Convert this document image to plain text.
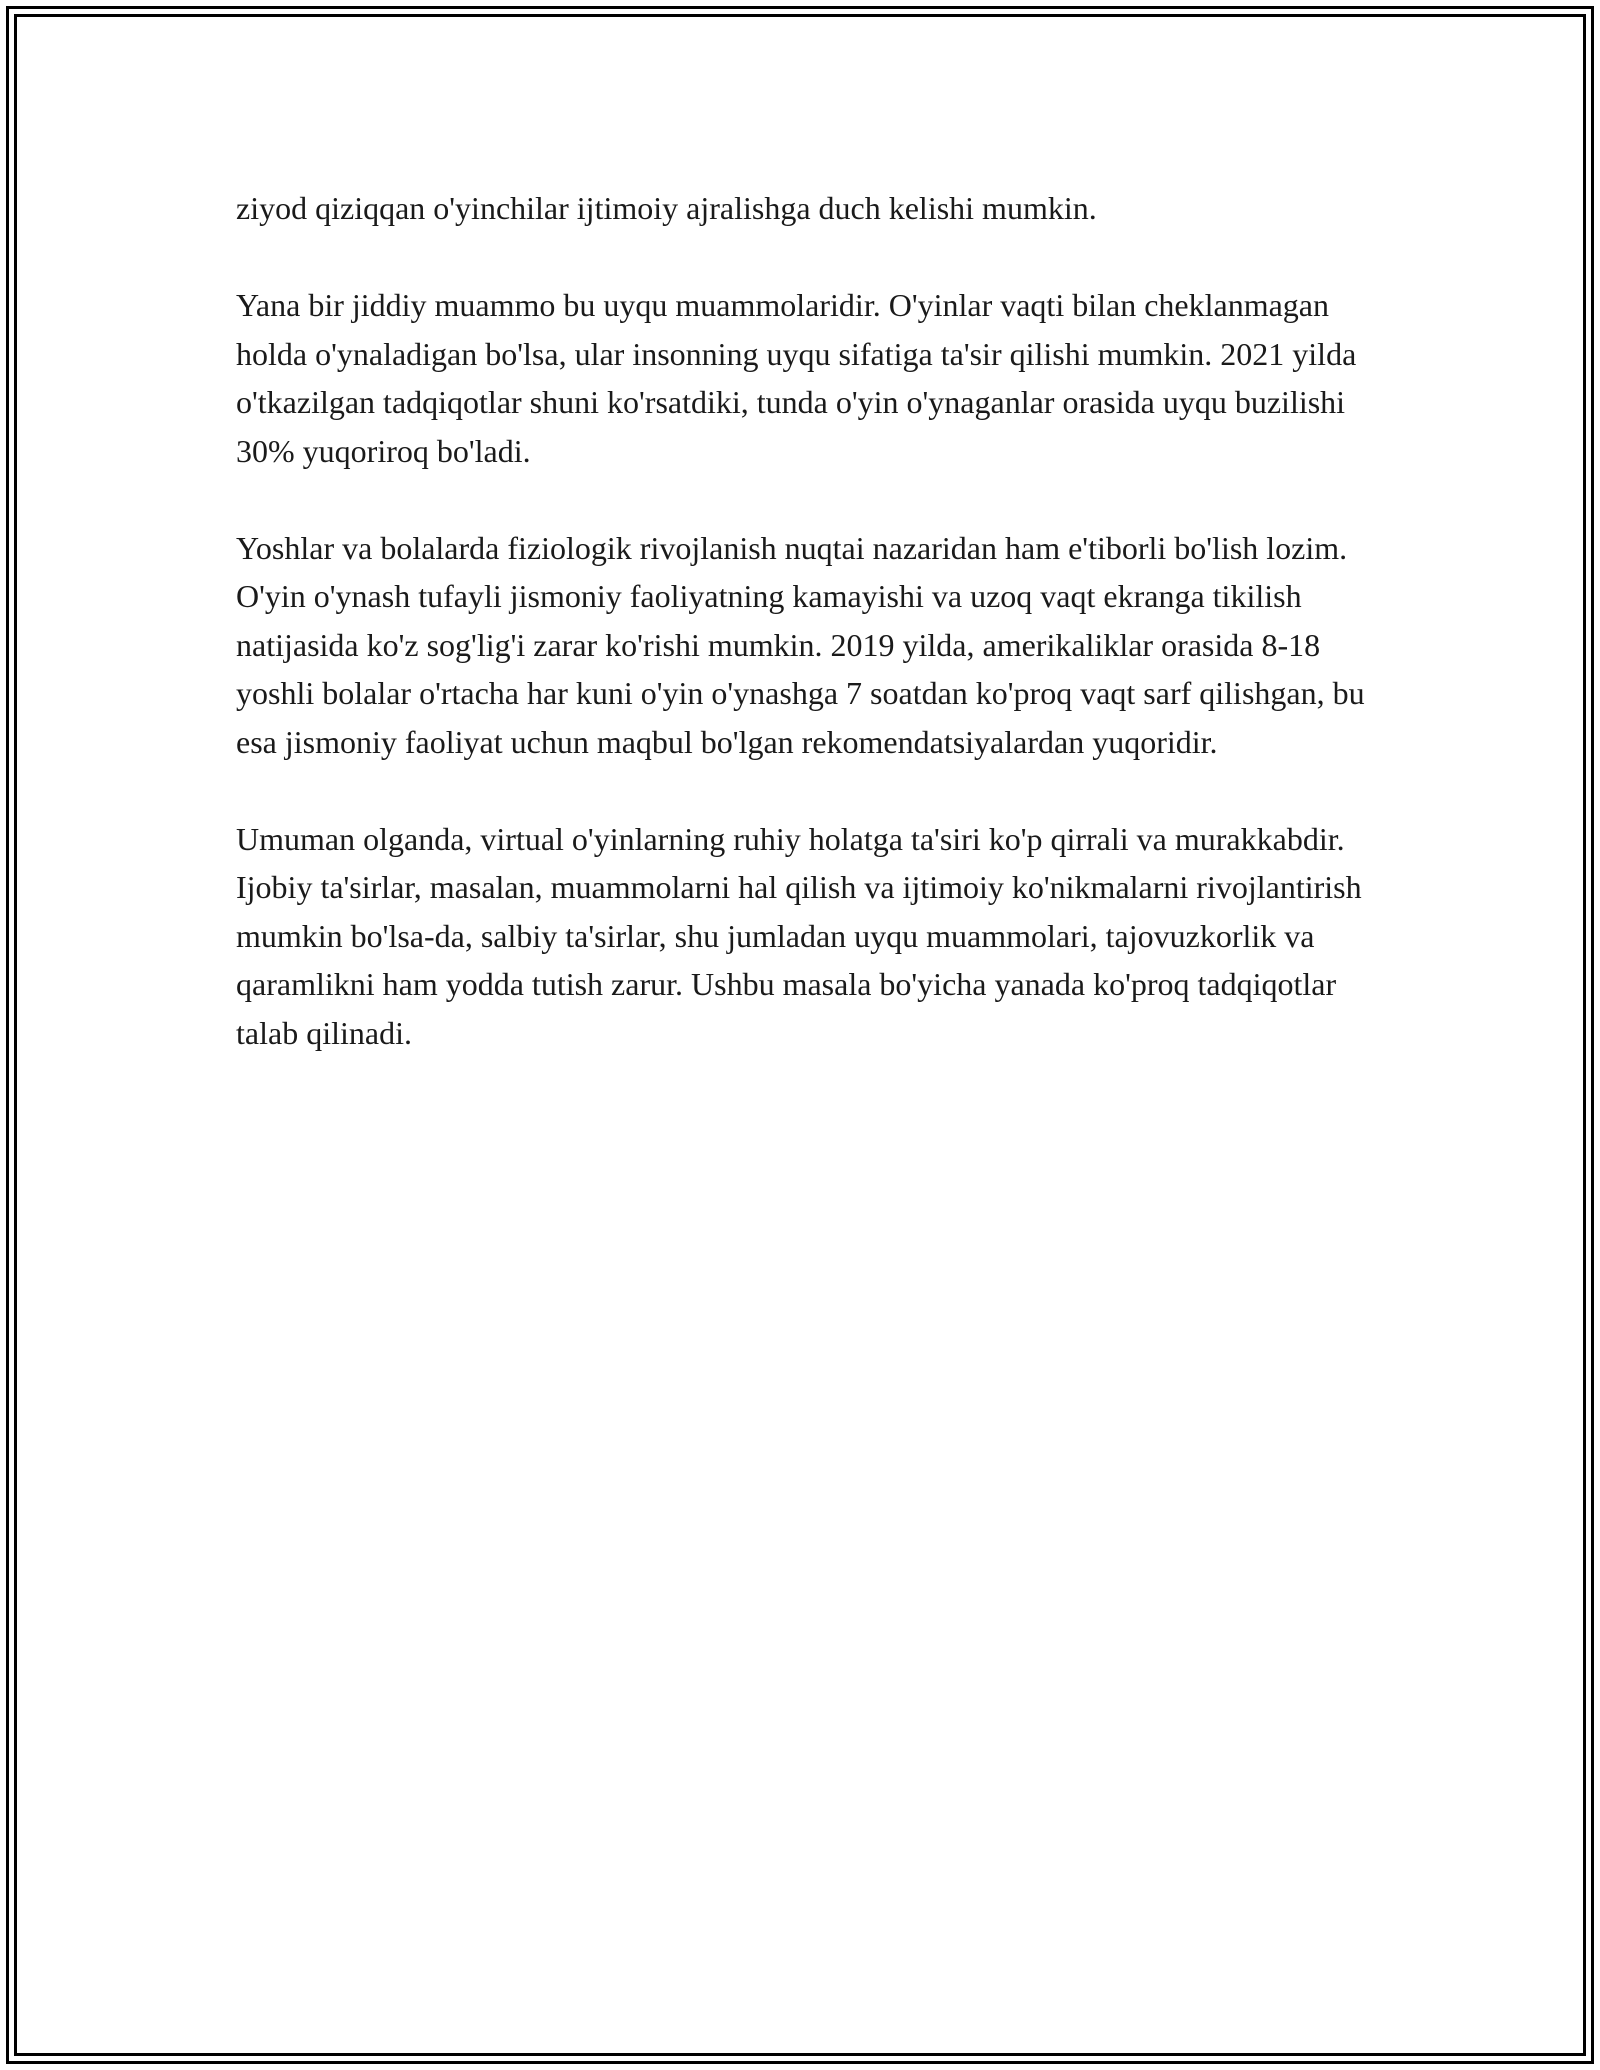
ziyod qiziqqan o'yinchilar ijtimoiy ajralishga duch kelishi mumkin.

Yana bir jiddiy muammo bu uyqu muammolaridir. O'yinlar vaqti bilan cheklanmagan holda o'ynaladigan bo'lsa, ular insonning uyqu sifatiga ta'sir qilishi mumkin. 2021 yilda o'tkazilgan tadqiqotlar shuni ko'rsatdiki, tunda o'yin o'ynaganlar orasida uyqu buzilishi 30% yuqoriroq bo'ladi.

Yoshlar va bolalarda fiziologik rivojlanish nuqtai nazaridan ham e'tiborli bo'lish lozim. O'yin o'ynash tufayli jismoniy faoliyatning kamayishi va uzoq vaqt ekranga tikilish natijasida ko'z sog'lig'i zarar ko'rishi mumkin. 2019 yilda, amerikaliklar orasida 8-18 yoshli bolalar o'rtacha har kuni o'yin o'ynashga 7 soatdan ko'proq vaqt sarf qilishgan, bu esa jismoniy faoliyat uchun maqbul bo'lgan rekomendatsiyalardan yuqoridir.

Umuman olganda, virtual o'yinlarning ruhiy holatga ta'siri ko'p qirrali va murakkabdir. Ijobiy ta'sirlar, masalan, muammolarni hal qilish va ijtimoiy ko'nikmalarni rivojlantirish mumkin bo'lsa-da, salbiy ta'sirlar, shu jumladan uyqu muammolari, tajovuzkorlik va qaramlikni ham yodda tutish zarur. Ushbu masala bo'yicha yanada ko'proq tadqiqotlar talab qilinadi.
